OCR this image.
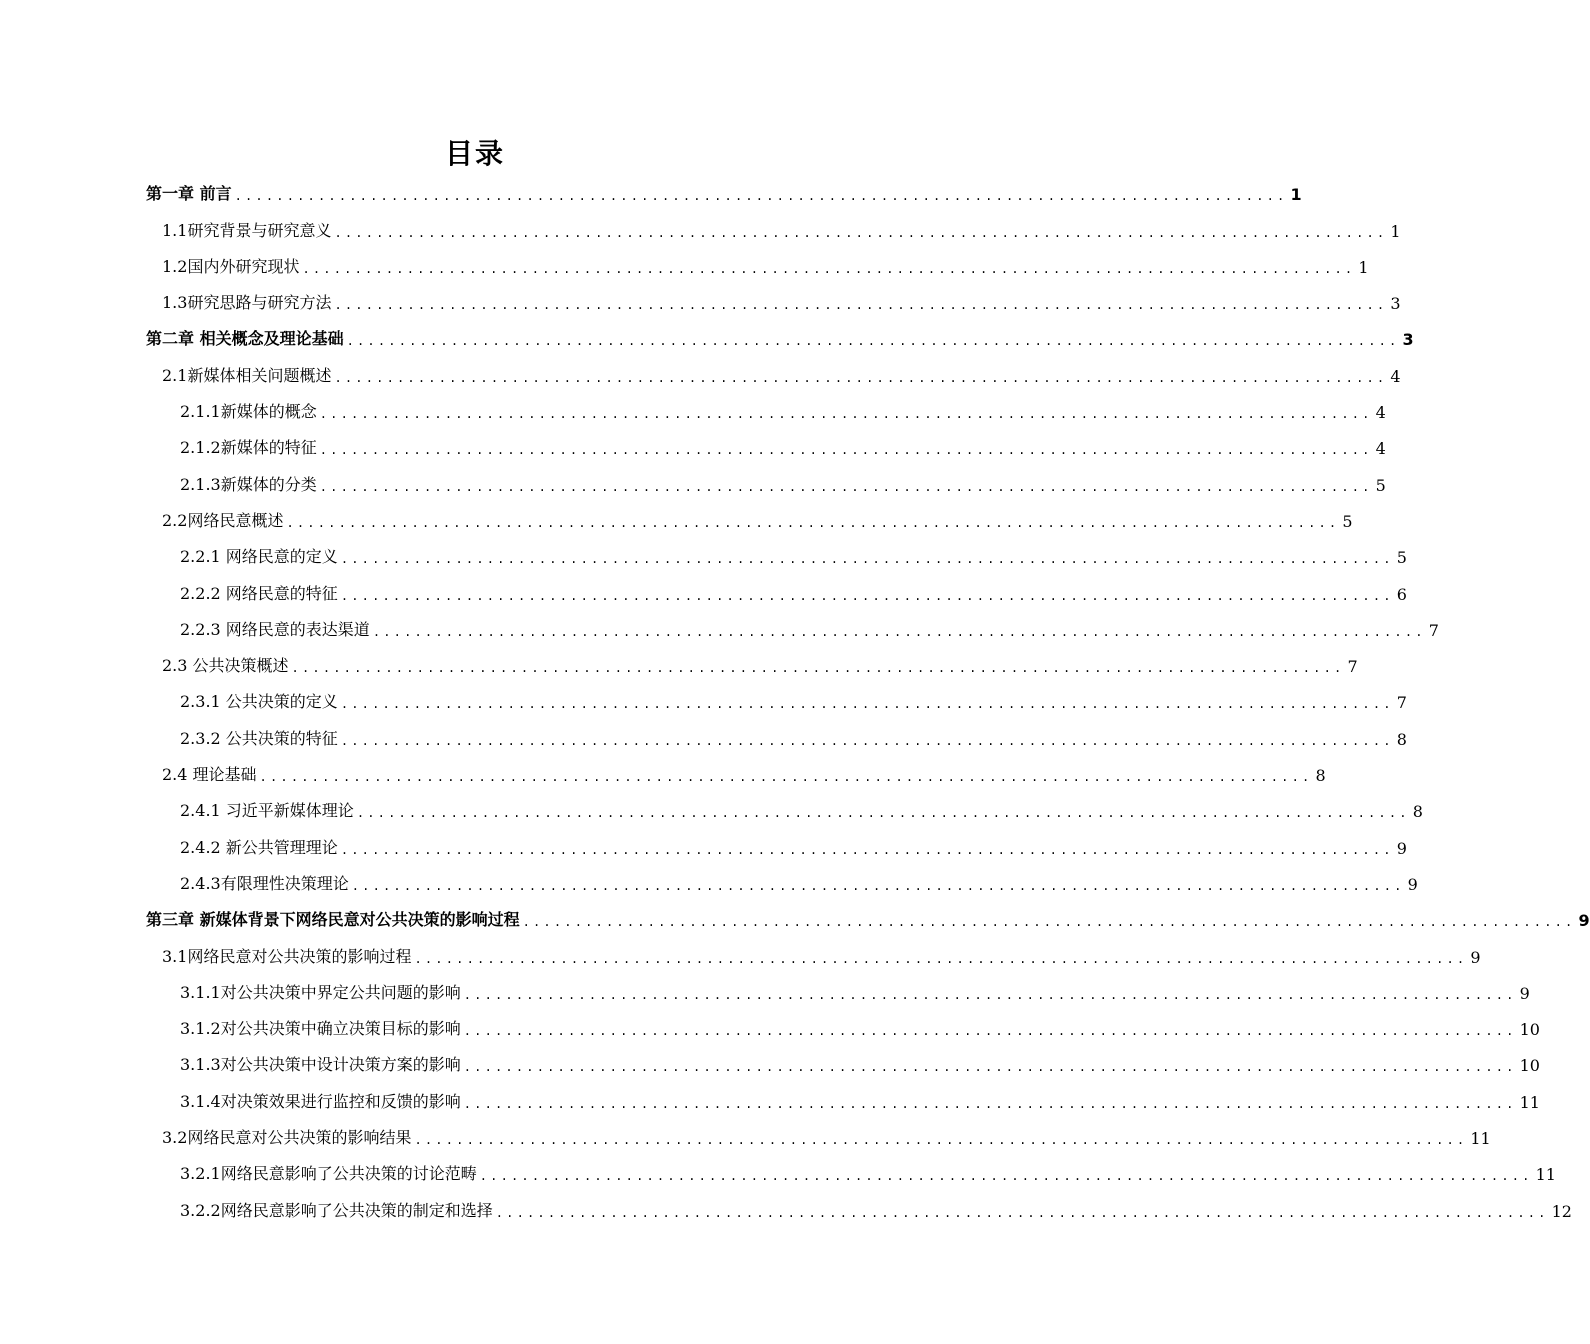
目录
第一章 前言 ..................................................................................................... 1
1.1研究背景与研究意义 ..................................................................................................... 1
1.2国内外研究现状 ..................................................................................................... 1
1.3研究思路与研究方法 ..................................................................................................... 3
第二章 相关概念及理论基础 ..................................................................................................... 3
2.1新媒体相关问题概述 ..................................................................................................... 4
2.1.1新媒体的概念 ..................................................................................................... 4
2.1.2新媒体的特征 ..................................................................................................... 4
2.1.3新媒体的分类 ..................................................................................................... 5
2.2网络民意概述 ..................................................................................................... 5
2.2.1 网络民意的定义 ..................................................................................................... 5
2.2.2 网络民意的特征 ..................................................................................................... 6
2.2.3 网络民意的表达渠道 ..................................................................................................... 7
2.3 公共决策概述 ..................................................................................................... 7
2.3.1 公共决策的定义 ..................................................................................................... 7
2.3.2 公共决策的特征 ..................................................................................................... 8
2.4 理论基础 ..................................................................................................... 8
2.4.1 习近平新媒体理论 ..................................................................................................... 8
2.4.2 新公共管理理论 ..................................................................................................... 9
2.4.3有限理性决策理论 ..................................................................................................... 9
第三章 新媒体背景下网络民意对公共决策的影响过程 ..................................................................................................... 9
3.1网络民意对公共决策的影响过程 ..................................................................................................... 9
3.1.1对公共决策中界定公共问题的影响 ..................................................................................................... 9
3.1.2对公共决策中确立决策目标的影响 ..................................................................................................... 10
3.1.3对公共决策中设计决策方案的影响 ..................................................................................................... 10
3.1.4对决策效果进行监控和反馈的影响 ..................................................................................................... 11
3.2网络民意对公共决策的影响结果 ..................................................................................................... 11
3.2.1网络民意影响了公共决策的讨论范畴 ..................................................................................................... 11
3.2.2网络民意影响了公共决策的制定和选择 ..................................................................................................... 12
